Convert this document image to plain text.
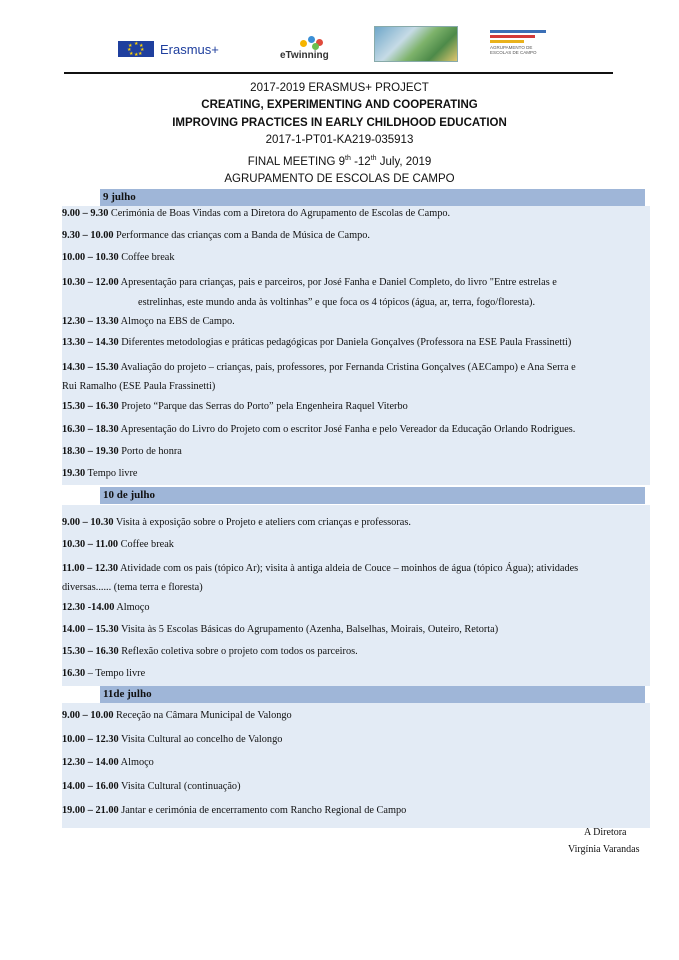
★ ★
★
★
★
★
★
★ Erasmus+	eTwinning
AGRUPAMENTO DE ESCOLAS DE CAMPO
2017-2019 ERASMUS+ PROJECT
CREATING, EXPERIMENTING AND COOPERATING
IMPROVING PRACTICES IN EARLY CHILDHOOD EDUCATION
2017-1-PT01-KA219-035913
FINAL MEETING 9th -12th July, 2019
AGRUPAMENTO DE ESCOLAS DE CAMPO
9 julho
9.00 – 9.30 Cerimónia de Boas Vindas com a Diretora do Agrupamento de Escolas de Campo.
9.30 – 10.00 Performance das crianças com a Banda de Música de Campo.
10.00 – 10.30 Coffee break
10.30 – 12.00 Apresentação para crianças, pais e parceiros, por José Fanha e Daniel Completo, do livro "Entre estrelas e
estrelinhas, este mundo anda às voltinhas” e que foca os 4 tópicos (água, ar, terra, fogo/floresta).
12.30 – 13.30 Almoço na EBS de Campo.
13.30 – 14.30 Diferentes metodologias e práticas pedagógicas por Daniela Gonçalves (Professora na ESE Paula Frassinetti)
14.30 – 15.30 Avaliação do projeto – crianças, pais, professores, por Fernanda Cristina Gonçalves (AECampo) e Ana Serra e
Rui Ramalho (ESE Paula Frassinetti)
15.30 – 16.30 Projeto “Parque das Serras do Porto” pela Engenheira Raquel Viterbo
16.30 – 18.30 Apresentação do Livro do Projeto com o escritor José Fanha e pelo Vereador da Educação Orlando Rodrigues.
18.30 – 19.30 Porto de honra
19.30 Tempo livre
10 de julho
9.00 – 10.30 Visita à exposição sobre o Projeto e ateliers com crianças e professoras.
10.30 – 11.00 Coffee break
11.00 – 12.30 Atividade com os pais (tópico Ar); visita à antiga aldeia de Couce – moinhos de água (tópico Água); atividades
diversas...... (tema terra e floresta)
12.30 -14.00 Almoço
14.00 – 15.30 Visita às 5 Escolas Básicas do Agrupamento (Azenha, Balselhas, Moirais, Outeiro, Retorta)
15.30 – 16.30 Reflexão coletiva sobre o projeto com todos os parceiros.
16.30 – Tempo livre
11de julho
9.00 – 10.00 Receção na Câmara Municipal de Valongo
10.00 – 12.30 Visita Cultural ao concelho de Valongo
12.30 – 14.00 Almoço
14.00 – 16.00 Visita Cultural (continuação)
19.00 – 21.00 Jantar e cerimónia de encerramento com Rancho Regional de Campo
A Diretora
Virgínia Varandas
